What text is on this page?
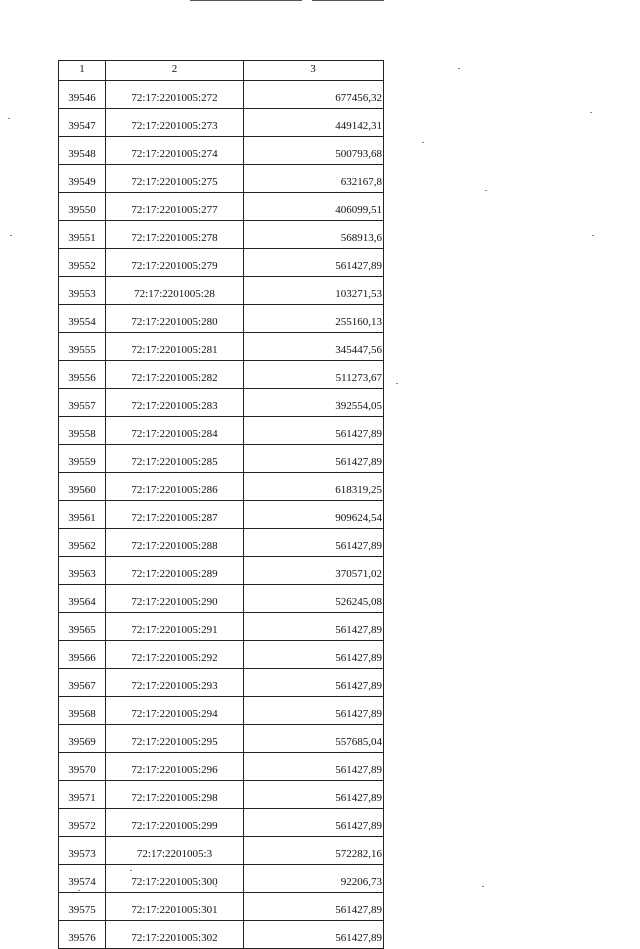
1	2	3
39546	72:17:2201005:272	677456,32
39547	72:17:2201005:273	449142,31
39548	72:17:2201005:274	500793,68
39549	72:17:2201005:275	632167,8
39550	72:17:2201005:277	406099,51
39551	72:17:2201005:278	568913,6
39552	72:17:2201005:279	561427,89
39553	72:17:2201005:28	103271,53
39554	72:17:2201005:280	255160,13
39555	72:17:2201005:281	345447,56
39556	72:17:2201005:282	511273,67
39557	72:17:2201005:283	392554,05
39558	72:17:2201005:284	561427,89
39559	72:17:2201005:285	561427,89
39560	72:17:2201005:286	618319,25
39561	72:17:2201005:287	909624,54
39562	72:17:2201005:288	561427,89
39563	72:17:2201005:289	370571,02
39564	72:17:2201005:290	526245,08
39565	72:17:2201005:291	561427,89
39566	72:17:2201005:292	561427,89
39567	72:17:2201005:293	561427,89
39568	72:17:2201005:294	561427,89
39569	72:17:2201005:295	557685,04
39570	72:17:2201005:296	561427,89
39571	72:17:2201005:298	561427,89
39572	72:17:2201005:299	561427,89
39573	72:17:2201005:3	572282,16
39574	72:17:2201005:300	92206,73
39575	72:17:2201005:301	561427,89
39576	72:17:2201005:302	561427,89
